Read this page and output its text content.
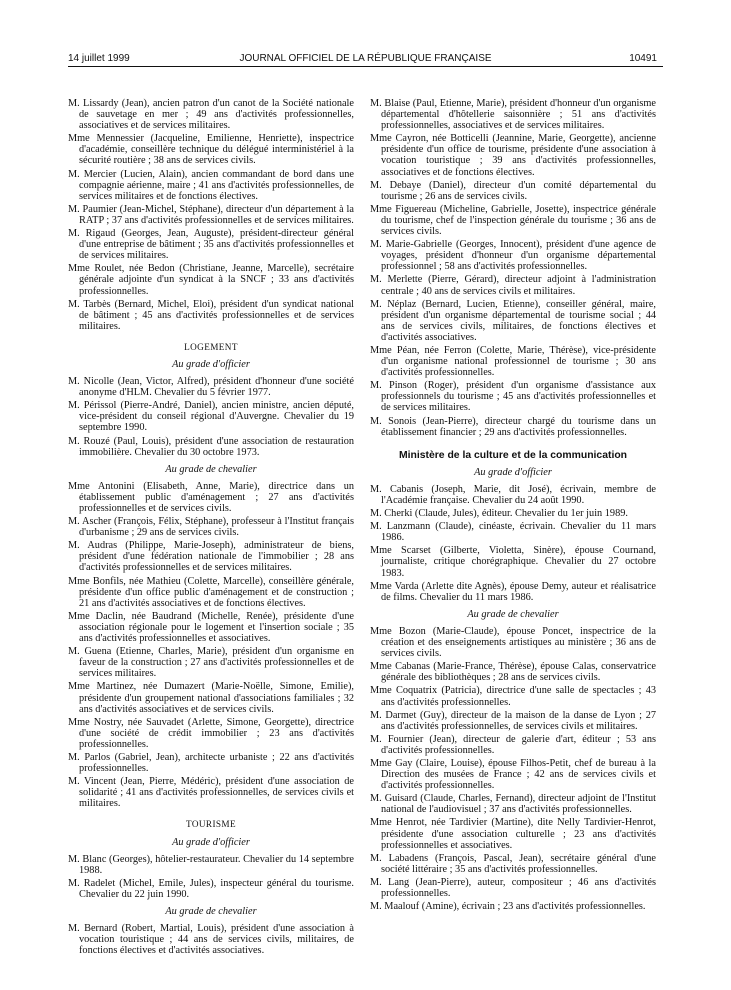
14 juillet 1999	JOURNAL OFFICIEL DE LA RÉPUBLIQUE FRANÇAISE	10491
M. Lissardy (Jean), ancien patron d'un canot de la Société nationale de sauvetage en mer ; 49 ans d'activités professionnelles, associatives et de services militaires.
Mme Mennessier (Jacqueline, Emilienne, Henriette), inspectrice d'académie, conseillère technique du délégué interministériel à la sécurité routière ; 38 ans de services civils.
M. Mercier (Lucien, Alain), ancien commandant de bord dans une compagnie aérienne, maire ; 41 ans d'activités professionnelles, de services militaires et de fonctions électives.
M. Paumier (Jean-Michel, Stéphane), directeur d'un département à la RATP ; 37 ans d'activités professionnelles et de services militaires.
M. Rigaud (Georges, Jean, Auguste), président-directeur général d'une entreprise de bâtiment ; 35 ans d'activités professionnelles et de services militaires.
Mme Roulet, née Bedon (Christiane, Jeanne, Marcelle), secrétaire générale adjointe d'un syndicat à la SNCF ; 33 ans d'activités professionnelles.
M. Tarbès (Bernard, Michel, Eloi), président d'un syndicat national de bâtiment ; 45 ans d'activités professionnelles et de services militaires.
LOGEMENT
Au grade d'officier
M. Nicolle (Jean, Victor, Alfred), président d'honneur d'une société anonyme d'HLM. Chevalier du 5 février 1977.
M. Périssol (Pierre-André, Daniel), ancien ministre, ancien député, vice-président du conseil régional d'Auvergne. Chevalier du 19 septembre 1990.
M. Rouzé (Paul, Louis), président d'une association de restauration immobilière. Chevalier du 30 octobre 1973.
Au grade de chevalier
Mme Antonini (Elisabeth, Anne, Marie), directrice dans un établissement public d'aménagement ; 27 ans d'activités professionnelles et de services civils.
M. Ascher (François, Félix, Stéphane), professeur à l'Institut français d'urbanisme ; 29 ans de services civils.
M. Audras (Philippe, Marie-Joseph), administrateur de biens, président d'une fédération nationale de l'immobilier ; 28 ans d'activités professionnelles et de services militaires.
Mme Bonfils, née Mathieu (Colette, Marcelle), conseillère générale, présidente d'un office public d'aménagement et de construction ; 21 ans d'activités associatives et de fonctions électives.
Mme Daclin, née Baudrand (Michelle, Renée), présidente d'une association régionale pour le logement et l'insertion sociale ; 35 ans d'activités professionnelles et associatives.
M. Guena (Etienne, Charles, Marie), président d'un organisme en faveur de la construction ; 27 ans d'activités professionnelles et de services militaires.
Mme Martinez, née Dumazert (Marie-Noëlle, Simone, Emilie), présidente d'un groupement national d'associations familiales ; 32 ans d'activités associatives et de services civils.
Mme Nostry, née Sauvadet (Arlette, Simone, Georgette), directrice d'une société de crédit immobilier ; 23 ans d'activités professionnelles.
M. Parlos (Gabriel, Jean), architecte urbaniste ; 22 ans d'activités professionnelles.
M. Vincent (Jean, Pierre, Médéric), président d'une association de solidarité ; 41 ans d'activités professionnelles, de services civils et militaires.
TOURISME
Au grade d'officier
M. Blanc (Georges), hôtelier-restaurateur. Chevalier du 14 septembre 1988.
M. Radelet (Michel, Emile, Jules), inspecteur général du tourisme. Chevalier du 22 juin 1990.
Au grade de chevalier
M. Bernard (Robert, Martial, Louis), président d'une association à vocation touristique ; 44 ans de services civils, militaires, de fonctions électives et d'activités associatives.
M. Blaise (Paul, Etienne, Marie), président d'honneur d'un organisme départemental d'hôtellerie saisonnière ; 51 ans d'activités professionnelles, associatives et de services militaires.
Mme Cayron, née Botticelli (Jeannine, Marie, Georgette), ancienne présidente d'un office de tourisme, présidente d'une association à vocation touristique ; 39 ans d'activités professionnelles, associatives et de fonctions électives.
M. Debaye (Daniel), directeur d'un comité départemental du tourisme ; 26 ans de services civils.
Mme Figuereau (Micheline, Gabrielle, Josette), inspectrice générale du tourisme, chef de l'inspection générale du tourisme ; 36 ans de services civils.
M. Marie-Gabrielle (Georges, Innocent), président d'une agence de voyages, président d'honneur d'un organisme départemental professionnel ; 58 ans d'activités professionnelles.
M. Merlette (Pierre, Gérard), directeur adjoint à l'administration centrale ; 40 ans de services civils et militaires.
M. Néplaz (Bernard, Lucien, Etienne), conseiller général, maire, président d'un organisme départemental de tourisme social ; 44 ans de services civils, militaires, de fonctions électives et d'activités associatives.
Mme Péan, née Ferron (Colette, Marie, Thérèse), vice-présidente d'un organisme national professionnel de tourisme ; 30 ans d'activités professionnelles.
M. Pinson (Roger), président d'un organisme d'assistance aux professionnels du tourisme ; 45 ans d'activités professionnelles et de services militaires.
M. Sonois (Jean-Pierre), directeur chargé du tourisme dans un établissement financier ; 29 ans d'activités professionnelles.
Ministère de la culture et de la communication
Au grade d'officier
M. Cabanis (Joseph, Marie, dit José), écrivain, membre de l'Académie française. Chevalier du 24 août 1990.
M. Cherki (Claude, Jules), éditeur. Chevalier du 1er juin 1989.
M. Lanzmann (Claude), cinéaste, écrivain. Chevalier du 11 mars 1986.
Mme Scarset (Gilberte, Violetta, Sinère), épouse Cournand, journaliste, critique chorégraphique. Chevalier du 27 octobre 1983.
Mme Varda (Arlette dite Agnès), épouse Demy, auteur et réalisatrice de films. Chevalier du 11 mars 1986.
Au grade de chevalier
Mme Bozon (Marie-Claude), épouse Poncet, inspectrice de la création et des enseignements artistiques au ministère ; 36 ans de services civils.
Mme Cabanas (Marie-France, Thérèse), épouse Calas, conservatrice générale des bibliothèques ; 28 ans de services civils.
Mme Coquatrix (Patricia), directrice d'une salle de spectacles ; 43 ans d'activités professionnelles.
M. Darmet (Guy), directeur de la maison de la danse de Lyon ; 27 ans d'activités professionnelles, de services civils et militaires.
M. Fournier (Jean), directeur de galerie d'art, éditeur ; 53 ans d'activités professionnelles.
Mme Gay (Claire, Louise), épouse Filhos-Petit, chef de bureau à la Direction des musées de France ; 42 ans de services civils et d'activités professionnelles.
M. Guisard (Claude, Charles, Fernand), directeur adjoint de l'Institut national de l'audiovisuel ; 37 ans d'activités professionnelles.
Mme Henrot, née Tardivier (Martine), dite Nelly Tardivier-Henrot, présidente d'une association culturelle ; 23 ans d'activités professionnelles et associatives.
M. Labadens (François, Pascal, Jean), secrétaire général d'une société littéraire ; 35 ans d'activités professionnelles.
M. Lang (Jean-Pierre), auteur, compositeur ; 46 ans d'activités professionnelles.
M. Maalouf (Amine), écrivain ; 23 ans d'activités professionnelles.
